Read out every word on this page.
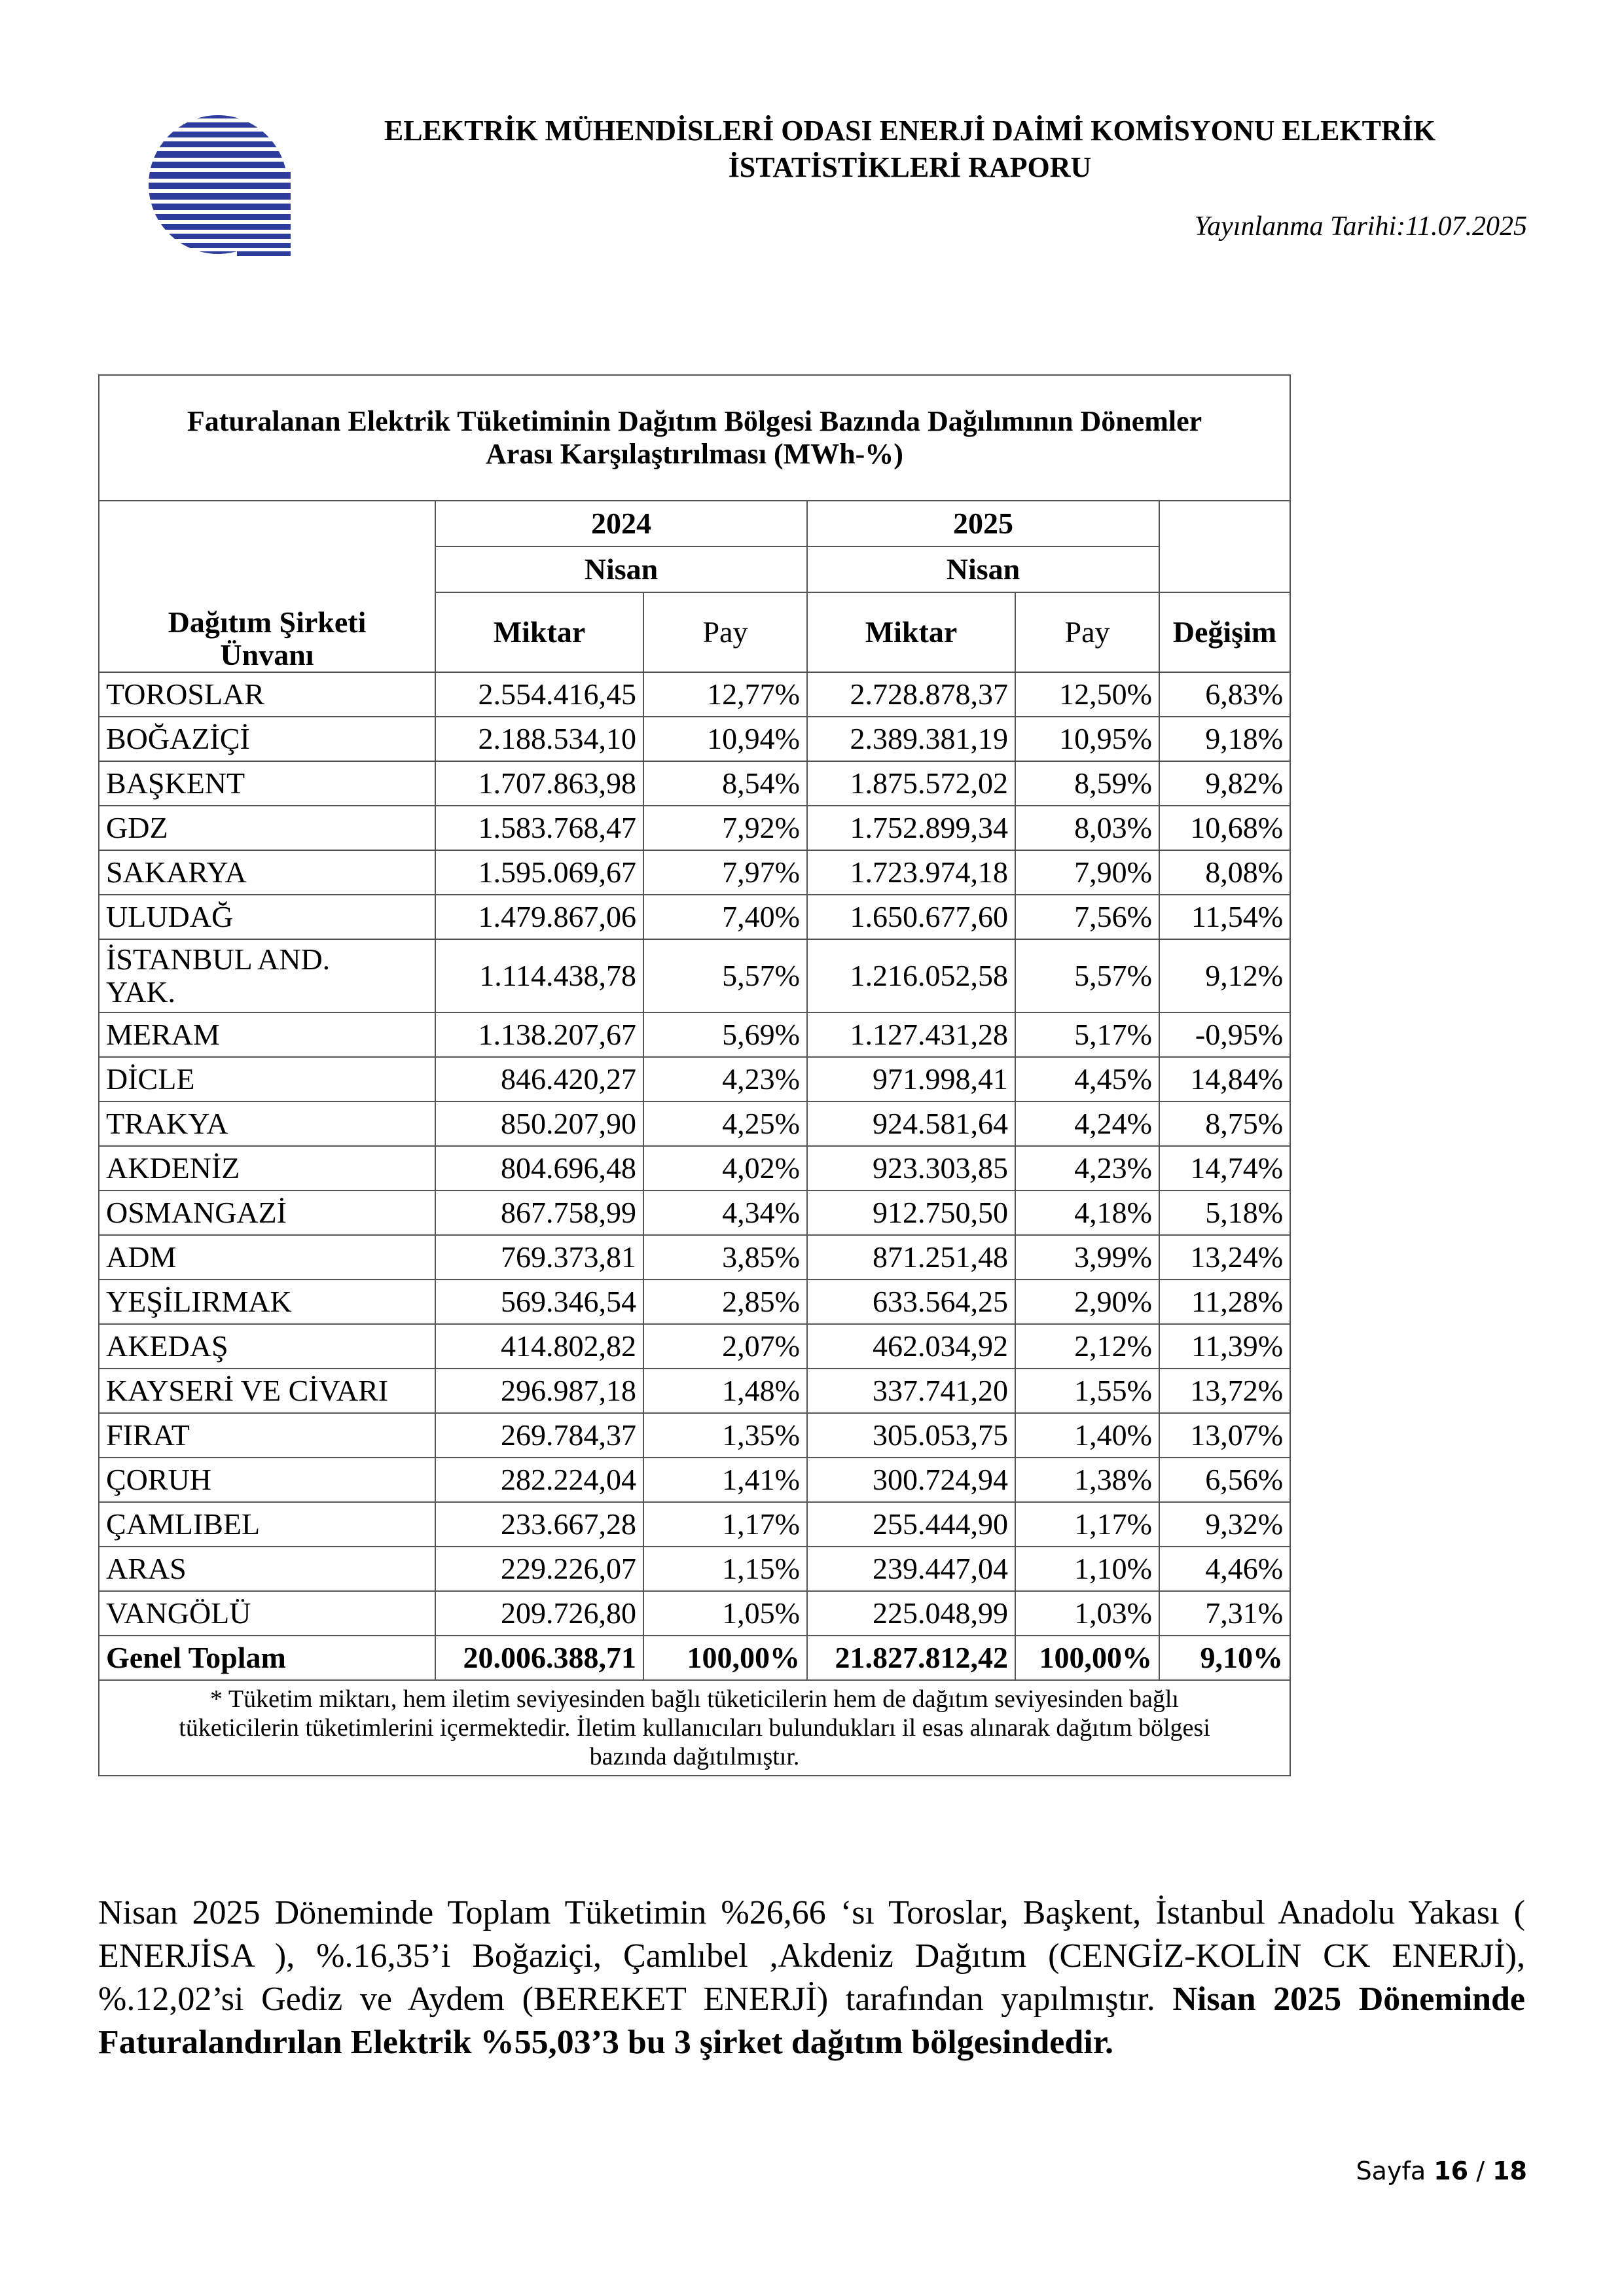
ELEKTRİK MÜHENDİSLERİ ODASI ENERJİ DAİMİ KOMİSYONU ELEKTRİK
İSTATİSTİKLERİ RAPORU
Yayınlanma Tarihi:11.07.2025
Faturalanan Elektrik Tüketiminin Dağıtım Bölgesi Bazında Dağılımının Dönemler
Arası Karşılaştırılması (MWh-%)					

Dağıtım Şirketi
Ünvanı	2024		2025		
	Nisan		Nisan		
	Miktar	Pay	Miktar	Pay	Değişim
TOROSLAR	2.554.416,45	12,77%	2.728.878,37	12,50%	6,83%
BOĞAZİÇİ	2.188.534,10	10,94%	2.389.381,19	10,95%	9,18%
BAŞKENT	1.707.863,98	8,54%	1.875.572,02	8,59%	9,82%
GDZ	1.583.768,47	7,92%	1.752.899,34	8,03%	10,68%
SAKARYA	1.595.069,67	7,97%	1.723.974,18	7,90%	8,08%
ULUDAĞ	1.479.867,06	7,40%	1.650.677,60	7,56%	11,54%

İSTANBUL AND.
YAK.	1.114.438,78	5,57%	1.216.052,58	5,57%	9,12%
MERAM	1.138.207,67	5,69%	1.127.431,28	5,17%	-0,95%
DİCLE	846.420,27	4,23%	971.998,41	4,45%	14,84%
TRAKYA	850.207,90	4,25%	924.581,64	4,24%	8,75%
AKDENİZ	804.696,48	4,02%	923.303,85	4,23%	14,74%
OSMANGAZİ	867.758,99	4,34%	912.750,50	4,18%	5,18%
ADM	769.373,81	3,85%	871.251,48	3,99%	13,24%
YEŞİLIRMAK	569.346,54	2,85%	633.564,25	2,90%	11,28%
AKEDAŞ	414.802,82	2,07%	462.034,92	2,12%	11,39%
KAYSERİ VE CİVARI	296.987,18	1,48%	337.741,20	1,55%	13,72%
FIRAT	269.784,37	1,35%	305.053,75	1,40%	13,07%
ÇORUH	282.224,04	1,41%	300.724,94	1,38%	6,56%
ÇAMLIBEL	233.667,28	1,17%	255.444,90	1,17%	9,32%
ARAS	229.226,07	1,15%	239.447,04	1,10%	4,46%
VANGÖLÜ	209.726,80	1,05%	225.048,99	1,03%	7,31%
Genel Toplam	20.006.388,71	100,00%	21.827.812,42	100,00%	9,10%

* Tüketim miktarı, hem iletim seviyesinden bağlı tüketicilerin hem de dağıtım seviyesinden bağlı
tüketicilerin tüketimlerini içermektedir. İletim kullanıcıları bulundukları il esas alınarak dağıtım bölgesi
bazında dağıtılmıştır.					
Nisan 2025 Döneminde Toplam Tüketimin %26,66 ‘sı Toroslar, Başkent, İstanbul Anadolu Yakası ( ENERJİSA ), %.16,35’i Boğaziçi, Çamlıbel ,Akdeniz Dağıtım (CENGİZ-KOLİN CK ENERJİ), %.12,02’si Gediz ve Aydem (BEREKET ENERJİ) tarafından yapılmıştır. Nisan 2025 Döneminde Faturalandırılan Elektrik %55,03’3 bu 3 şirket dağıtım bölgesindedir.
Sayfa 16 / 18
